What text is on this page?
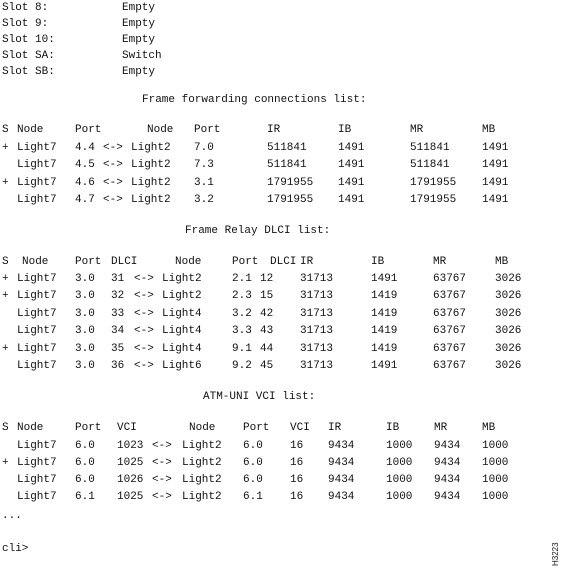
Slot 8:	Empty
Slot 9:	Empty
Slot 10:	Empty
Slot SA:	Switch
Slot SB:	Empty
Frame forwarding connections list:
S Node	Port	Node Port	IR	IB	MR	MB
+ Light7 4.4 <-> Light2 7.0	511841	1491	511841	1491
Light7 4.5 <-> Light2 7.3	511841	1491	511841	1491
+ Light7 4.6 <-> Light2 3.1	1791955 1491	1791955 1491
Light7 4.7 <-> Light2 3.2	1791955 1491	1791955 1491
Frame Relay DLCI list:
S Node Port DLCI	Node	Port DLCI IR	IB	MR	MB
+ Light7 3.0 31 <-> Light2	2.1 12 31713	1491	63767	3026
+ Light7 3.0 32 <-> Light2	2.3 15 31713	1419	63767	3026
Light7 3.0 33 <-> Light4	3.2 42 31713	1419	63767	3026
Light7 3.0 34 <-> Light4	3.3 43 31713	1419	63767	3026
+ Light7 3.0 35 <-> Light4	9.1 44 31713	1419	63767	3026
Light7 3.0 36 <-> Light6	9.2 45 31713	1491	63767	3026
ATM-UNI VCI list:
S Node	Port VCI	Node	Port VCI IR	IB	MR	MB
Light7 6.0 1023 <-> Light2 6.0 16 9434	1000 9434 1000
+ Light7 6.0 1025 <-> Light2 6.0 16 9434	1000 9434 1000
Light7 6.0 1026 <-> Light2 6.0 16 9434	1000 9434 1000
Light7 6.1 1025 <-> Light2 6.1 16 9434	1000 9434 1000
...
cli>	H3223
